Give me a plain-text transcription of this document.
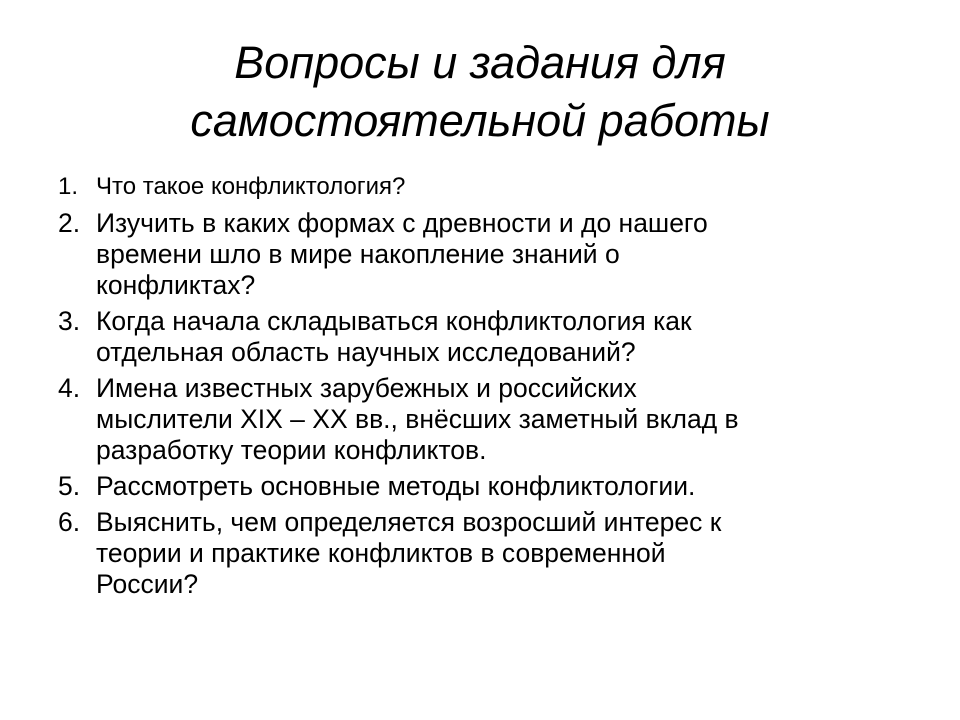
Вопросы и задания для
самостоятельной работы
1. Что такое конфликтология?
2. Изучить в каких формах с древности и до нашего
времени шло в мире накопление знаний о
конфликтах?
3. Когда начала складываться конфликтология как
отдельная область научных исследований?
4. Имена известных зарубежных и российских
мыслители XIX – XX вв., внёсших заметный вклад в
разработку теории конфликтов.
5. Рассмотреть основные методы конфликтологии.
6. Выяснить, чем определяется возросший интерес к
теории и практике конфликтов в современной
России?
